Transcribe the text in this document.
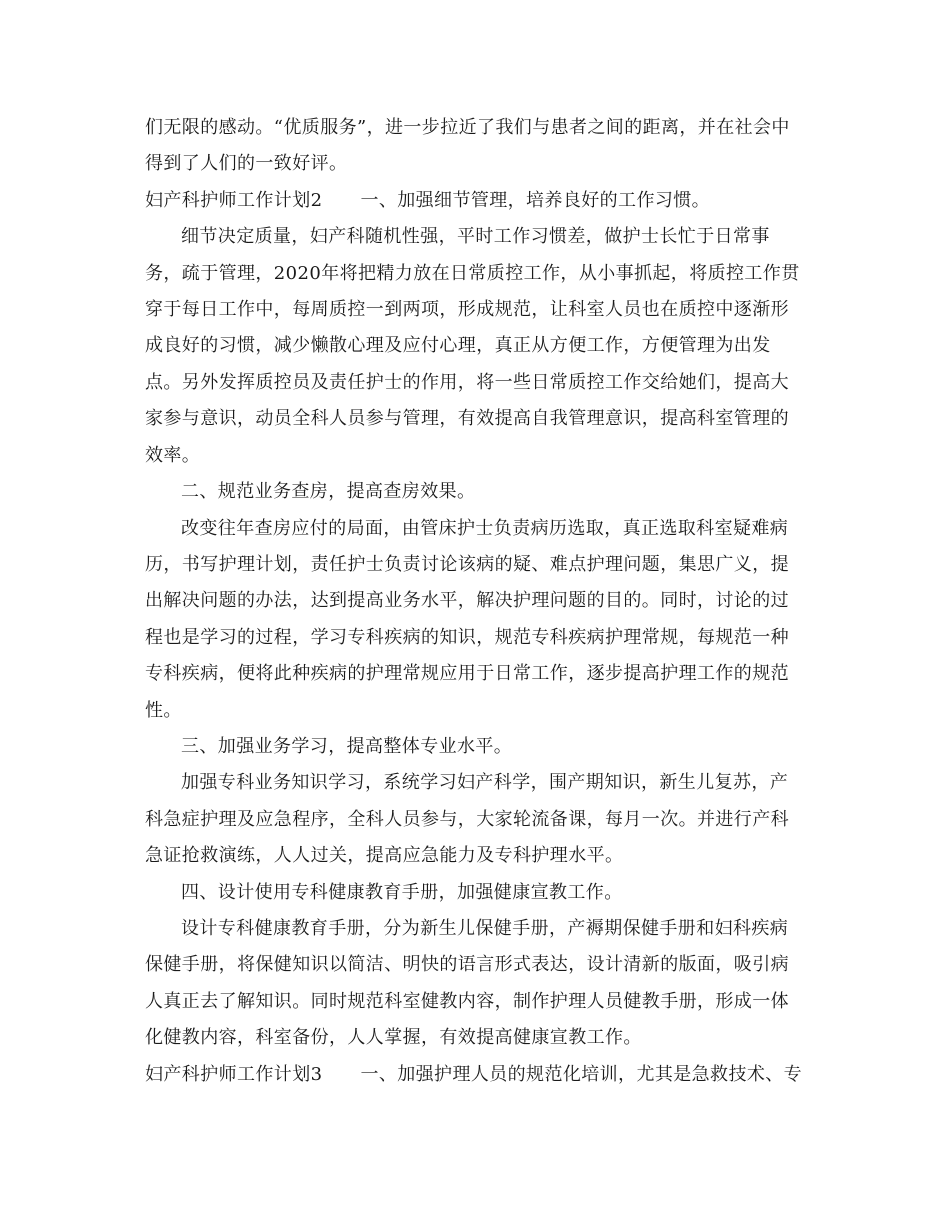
们无限的感动。“优质服务”，进一步拉近了我们与患者之间的距离，并在社会中
得到了人们的一致好评。
妇产科护师工作计划2 一、加强细节管理，培养良好的工作习惯。
细节决定质量，妇产科随机性强，平时工作习惯差，做护士长忙于日常事
务，疏于管理，2020年将把精力放在日常质控工作，从小事抓起，将质控工作贯
穿于每日工作中，每周质控一到两项，形成规范，让科室人员也在质控中逐渐形
成良好的习惯，减少懒散心理及应付心理，真正从方便工作，方便管理为出发
点。另外发挥质控员及责任护士的作用，将一些日常质控工作交给她们，提高大
家参与意识，动员全科人员参与管理，有效提高自我管理意识，提高科室管理的
效率。
二、规范业务查房，提高查房效果。
改变往年查房应付的局面，由管床护士负责病历选取，真正选取科室疑难病
历，书写护理计划，责任护士负责讨论该病的疑、难点护理问题，集思广义，提
出解决问题的办法，达到提高业务水平，解决护理问题的目的。同时，讨论的过
程也是学习的过程，学习专科疾病的知识，规范专科疾病护理常规，每规范一种
专科疾病，便将此种疾病的护理常规应用于日常工作，逐步提高护理工作的规范
性。
三、加强业务学习，提高整体专业水平。
加强专科业务知识学习，系统学习妇产科学，围产期知识，新生儿复苏，产
科急症护理及应急程序，全科人员参与，大家轮流备课，每月一次。并进行产科
急证抢救演练，人人过关，提高应急能力及专科护理水平。
四、设计使用专科健康教育手册，加强健康宣教工作。
设计专科健康教育手册，分为新生儿保健手册，产褥期保健手册和妇科疾病
保健手册，将保健知识以简洁、明快的语言形式表达，设计清新的版面，吸引病
人真正去了解知识。同时规范科室健教内容，制作护理人员健教手册，形成一体
化健教内容，科室备份，人人掌握，有效提高健康宣教工作。
妇产科护师工作计划3 一、加强护理人员的规范化培训，尤其是急救技术、专
